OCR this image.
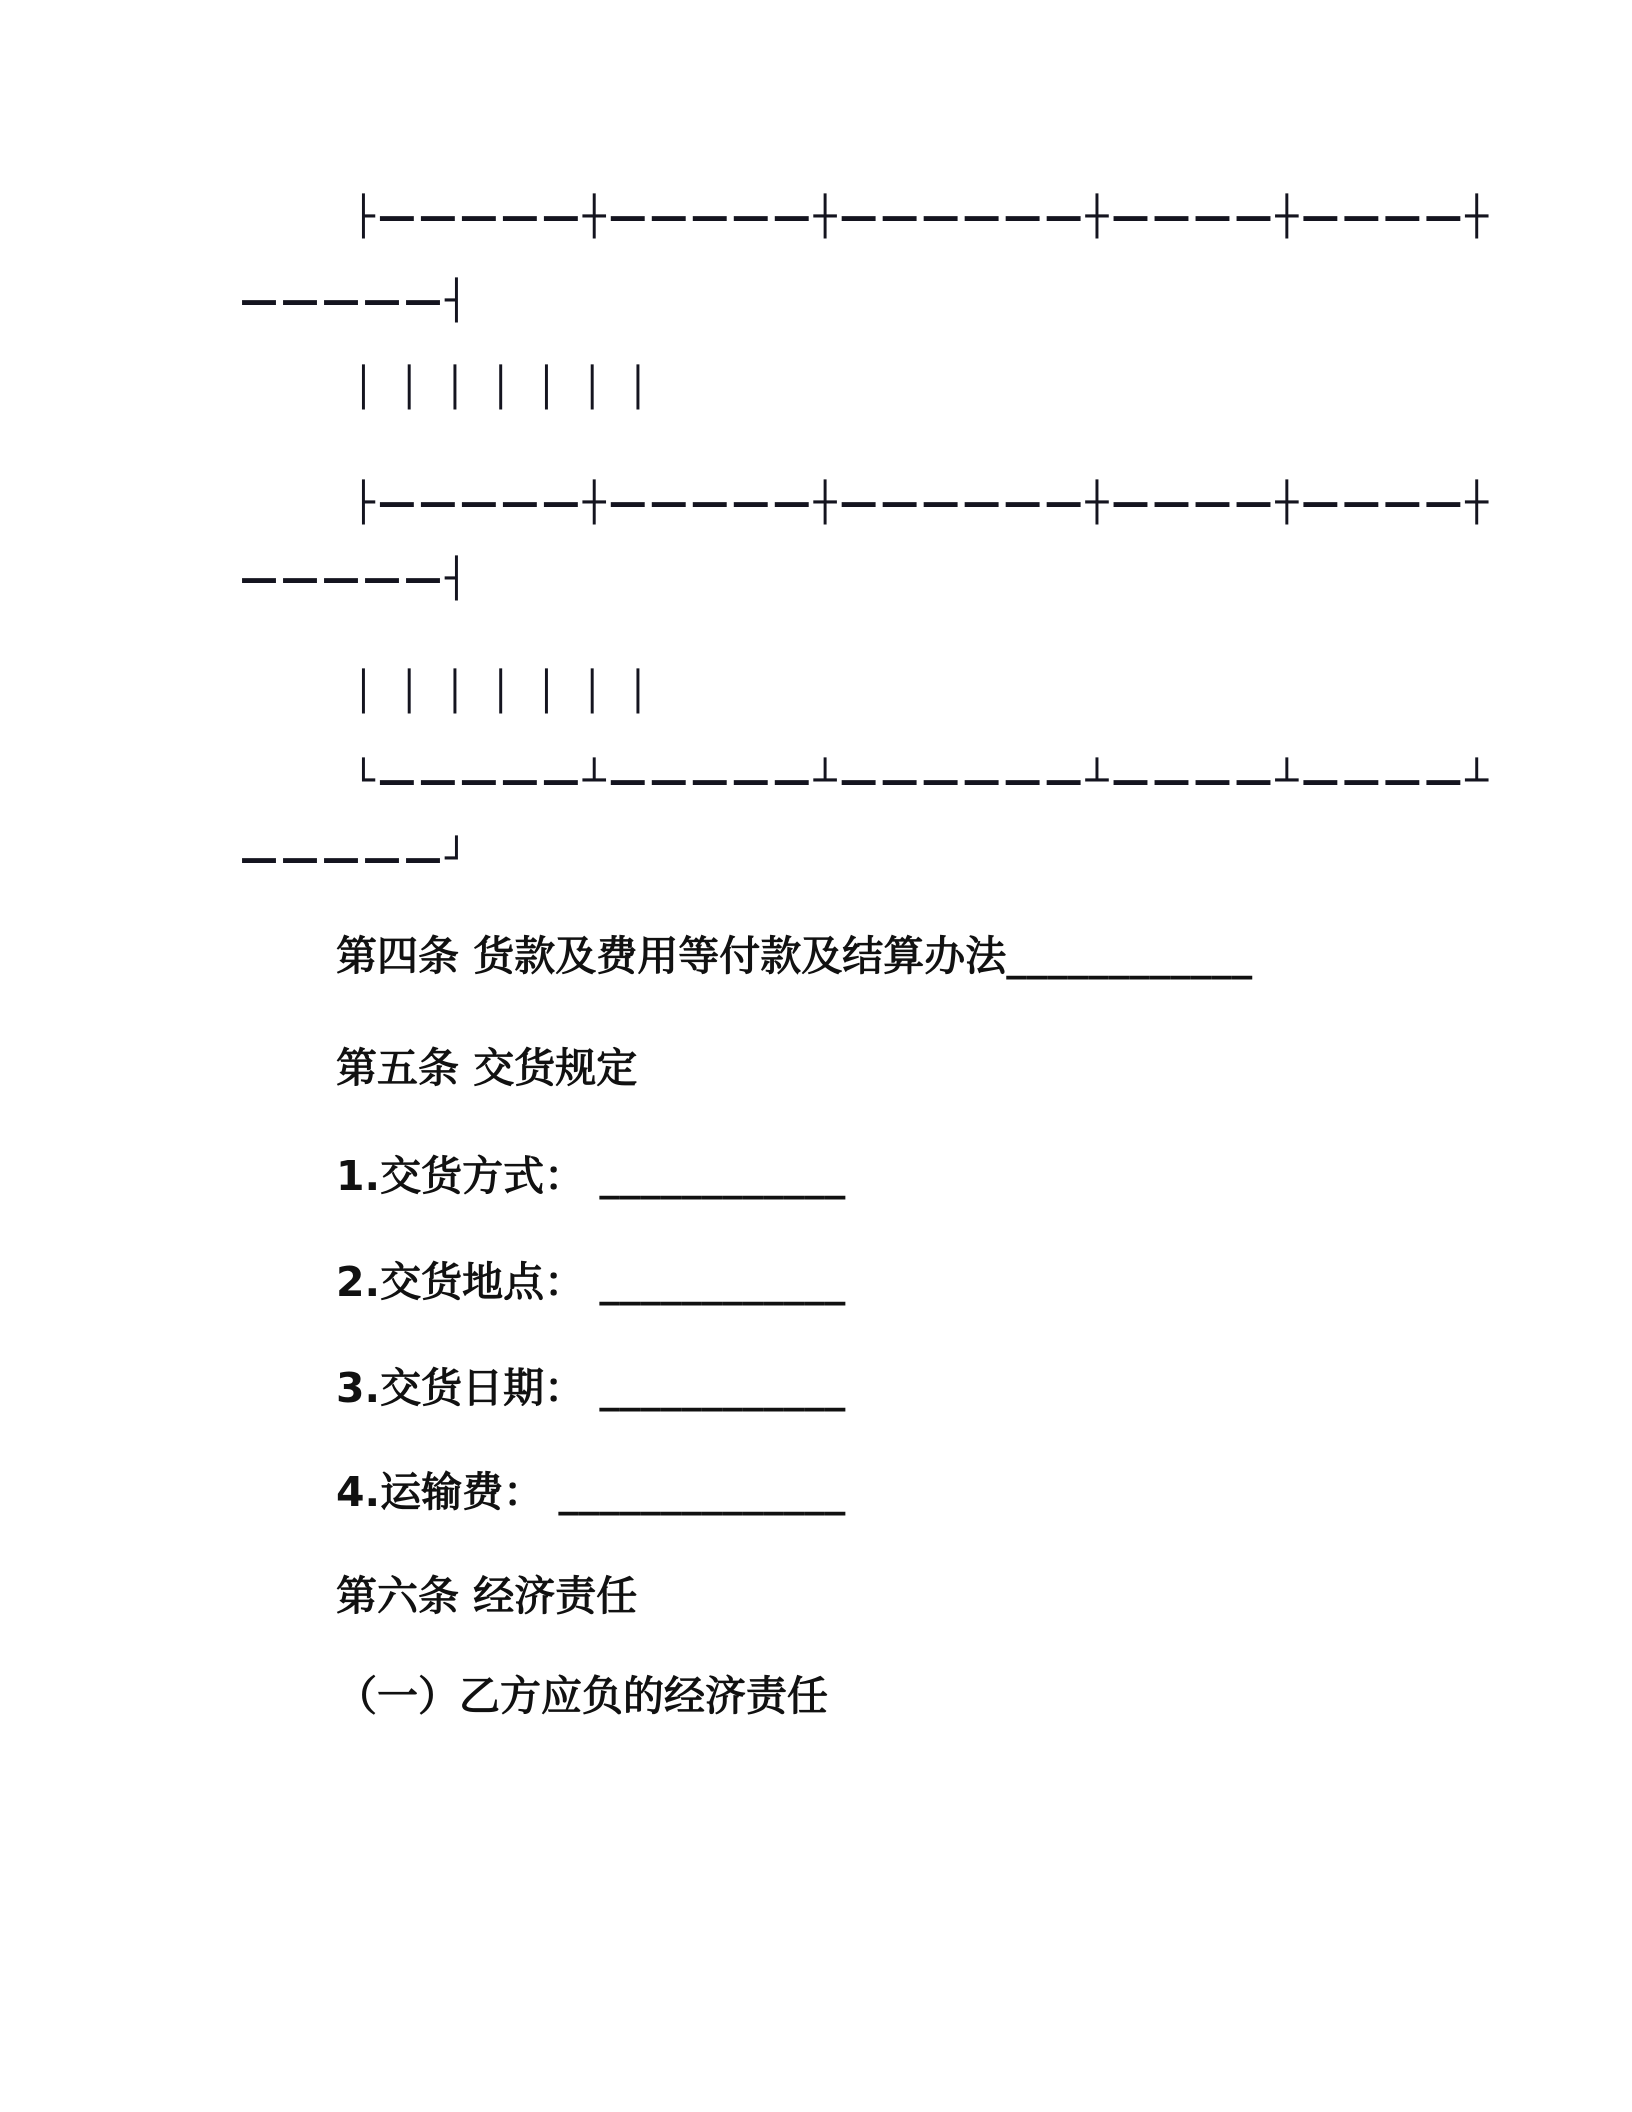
├—————┼—————┼——————┼————┼————┼
—————┤
│ │ │ │ │ │ │
├—————┼—————┼——————┼————┼————┼
—————┤
│ │ │ │ │ │ │
└—————┴—————┴——————┴————┴————┴
—————┘
第四条 货款及费用等付款及结算办法____________
第五条 交货规定
1.交货方式： ____________
2.交货地点： ____________
3.交货日期： ____________
4.运输费： ______________
第六条 经济责任
（一）乙方应负的经济责任
